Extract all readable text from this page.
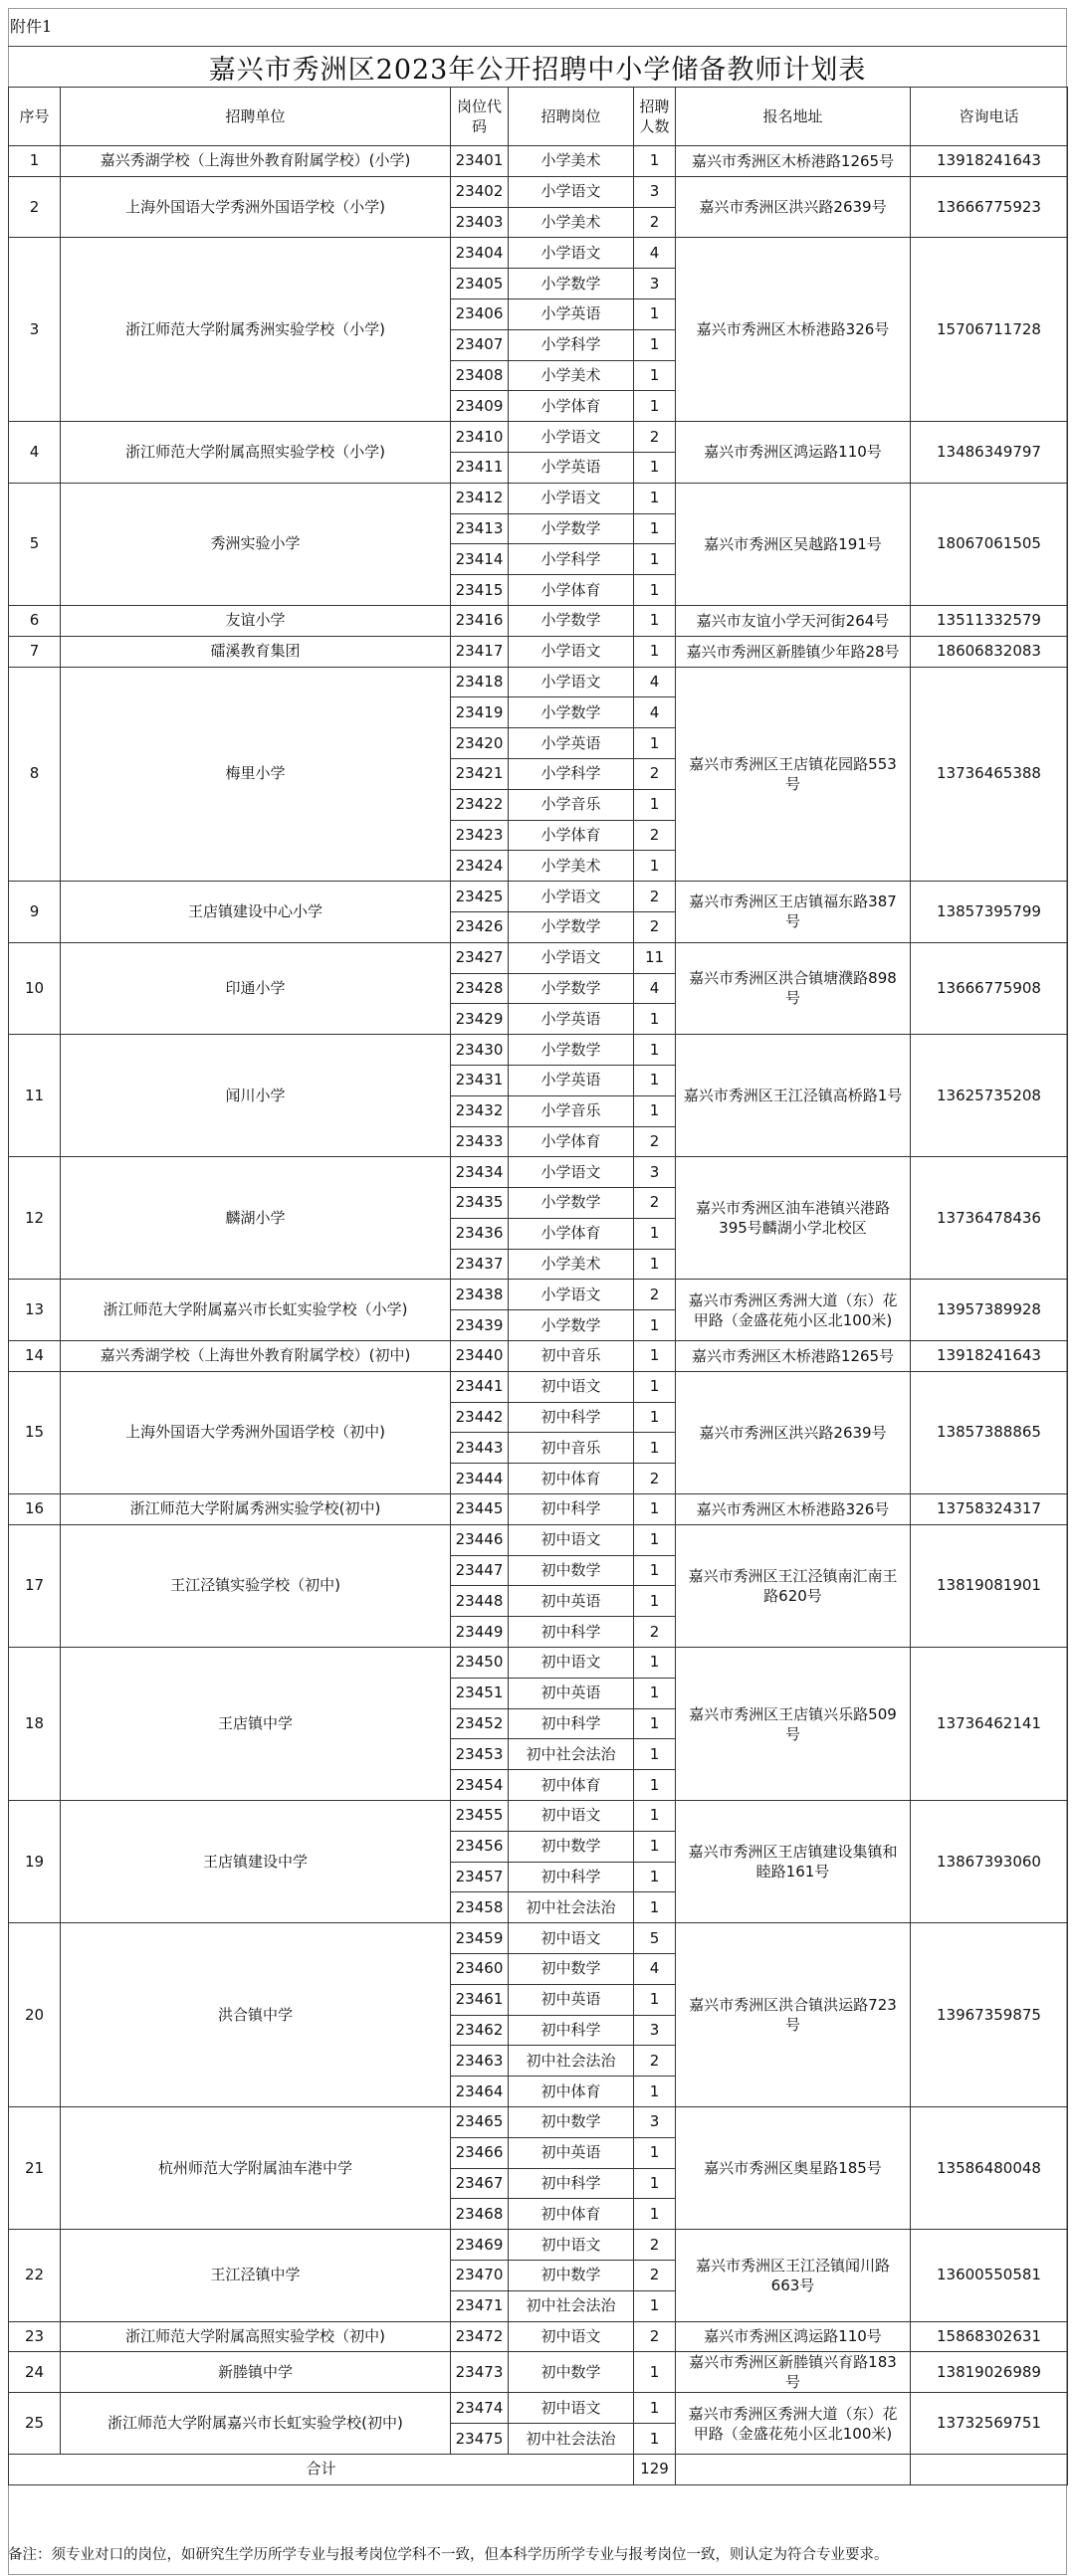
附件1
嘉兴市秀洲区2023年公开招聘中小学储备教师计划表
序号	招聘单位	岗位代码	招聘岗位	招聘人数	报名地址	咨询电话
1	嘉兴秀湖学校（上海世外教育附属学校）(小学)	23401	小学美术	1	嘉兴市秀洲区木桥港路1265号	13918241643
2	上海外国语大学秀洲外国语学校（小学)	23402	小学语文	3	嘉兴市秀洲区洪兴路2639号	13666775923
		23403	小学美术	2		
3	浙江师范大学附属秀洲实验学校（小学)	23404	小学语文	4	嘉兴市秀洲区木桥港路326号	15706711728
		23405	小学数学	3		
		23406	小学英语	1		
		23407	小学科学	1		
		23408	小学美术	1		
		23409	小学体育	1		
4	浙江师范大学附属高照实验学校（小学)	23410	小学语文	2	嘉兴市秀洲区鸿运路110号	13486349797
		23411	小学英语	1		
5	秀洲实验小学	23412	小学语文	1	嘉兴市秀洲区吴越路191号	18067061505
		23413	小学数学	1		
		23414	小学科学	1		
		23415	小学体育	1		
6	友谊小学	23416	小学数学	1	嘉兴市友谊小学天河街264号	13511332579
7	礌溪教育集团	23417	小学语文	1	嘉兴市秀洲区新塍镇少年路28号	18606832083
8	梅里小学	23418	小学语文	4	嘉兴市秀洲区王店镇花园路553号	13736465388
		23419	小学数学	4		
		23420	小学英语	1		
		23421	小学科学	2		
		23422	小学音乐	1		
		23423	小学体育	2		
		23424	小学美术	1		
9	王店镇建设中心小学	23425	小学语文	2	嘉兴市秀洲区王店镇福东路387号	13857395799
		23426	小学数学	2		
10	印通小学	23427	小学语文	11	嘉兴市秀洲区洪合镇塘濮路898号	13666775908
		23428	小学数学	4		
		23429	小学英语	1		
11	闻川小学	23430	小学数学	1	嘉兴市秀洲区王江泾镇高桥路1号	13625735208
		23431	小学英语	1		
		23432	小学音乐	1		
		23433	小学体育	2		
12	麟湖小学	23434	小学语文	3	嘉兴市秀洲区油车港镇兴港路395号麟湖小学北校区	13736478436
		23435	小学数学	2		
		23436	小学体育	1		
		23437	小学美术	1		
13	浙江师范大学附属嘉兴市长虹实验学校（小学)	23438	小学语文	2	嘉兴市秀洲区秀洲大道（东）花甲路（金盛花苑小区北100米)	13957389928
		23439	小学数学	1		
14	嘉兴秀湖学校（上海世外教育附属学校）(初中)	23440	初中音乐	1	嘉兴市秀洲区木桥港路1265号	13918241643
15	上海外国语大学秀洲外国语学校（初中)	23441	初中语文	1	嘉兴市秀洲区洪兴路2639号	13857388865
		23442	初中科学	1		
		23443	初中音乐	1		
		23444	初中体育	2		
16	浙江师范大学附属秀洲实验学校(初中)	23445	初中科学	1	嘉兴市秀洲区木桥港路326号	13758324317
17	王江泾镇实验学校（初中)	23446	初中语文	1	嘉兴市秀洲区王江泾镇南汇南王路620号	13819081901
		23447	初中数学	1		
		23448	初中英语	1		
		23449	初中科学	2		
18	王店镇中学	23450	初中语文	1	嘉兴市秀洲区王店镇兴乐路509号	13736462141
		23451	初中英语	1		
		23452	初中科学	1		
		23453	初中社会法治	1		
		23454	初中体育	1		
19	王店镇建设中学	23455	初中语文	1	嘉兴市秀洲区王店镇建设集镇和睦路161号	13867393060
		23456	初中数学	1		
		23457	初中科学	1		
		23458	初中社会法治	1		
20	洪合镇中学	23459	初中语文	5	嘉兴市秀洲区洪合镇洪运路723号	13967359875
		23460	初中数学	4		
		23461	初中英语	1		
		23462	初中科学	3		
		23463	初中社会法治	2		
		23464	初中体育	1		
21	杭州师范大学附属油车港中学	23465	初中数学	3	嘉兴市秀洲区奥星路185号	13586480048
		23466	初中英语	1		
		23467	初中科学	1		
		23468	初中体育	1		
22	王江泾镇中学	23469	初中语文	2	嘉兴市秀洲区王江泾镇闻川路663号	13600550581
		23470	初中数学	2		
		23471	初中社会法治	1		
23	浙江师范大学附属高照实验学校（初中)	23472	初中语文	2	嘉兴市秀洲区鸿运路110号	15868302631
24	新塍镇中学	23473	初中数学	1	嘉兴市秀洲区新塍镇兴育路183号	13819026989
25	浙江师范大学附属嘉兴市长虹实验学校(初中)	23474	初中语文	1	嘉兴市秀洲区秀洲大道（东）花甲路（金盛花苑小区北100米)	13732569751
		23475	初中社会法治	1		
合计				129		
备注：须专业对口的岗位，如研究生学历所学专业与报考岗位学科不一致，但本科学历所学专业与报考岗位一致，则认定为符合专业要求。
